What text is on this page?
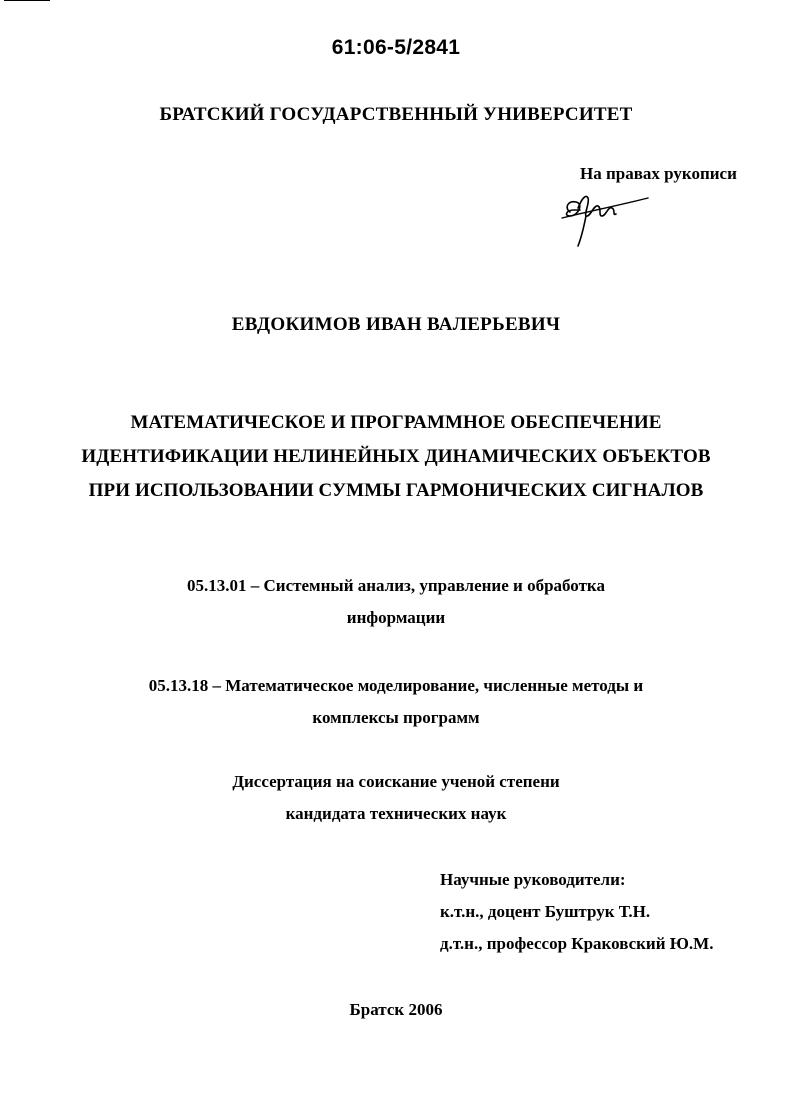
61:06-5/2841

БРАТСКИЙ ГОСУДАРСТВЕННЫЙ УНИВЕРСИТЕТ

На правах рукописи

ЕВДОКИМОВ ИВАН ВАЛЕРЬЕВИЧ

МАТЕМАТИЧЕСКОЕ И ПРОГРАММНОЕ ОБЕСПЕЧЕНИЕ

ИДЕНТИФИКАЦИИ НЕЛИНЕЙНЫХ ДИНАМИЧЕСКИХ ОБЪЕКТОВ

ПРИ ИСПОЛЬЗОВАНИИ СУММЫ ГАРМОНИЧЕСКИХ СИГНАЛОВ

05.13.01 – Системный анализ, управление и обработка

информации

05.13.18 – Математическое моделирование, численные методы и

комплексы программ

Диссертация на соискание ученой степени

кандидата технических наук

Научные руководители:

к.т.н., доцент Буштрук Т.Н.

д.т.н., профессор Краковский Ю.М.

Братск 2006
